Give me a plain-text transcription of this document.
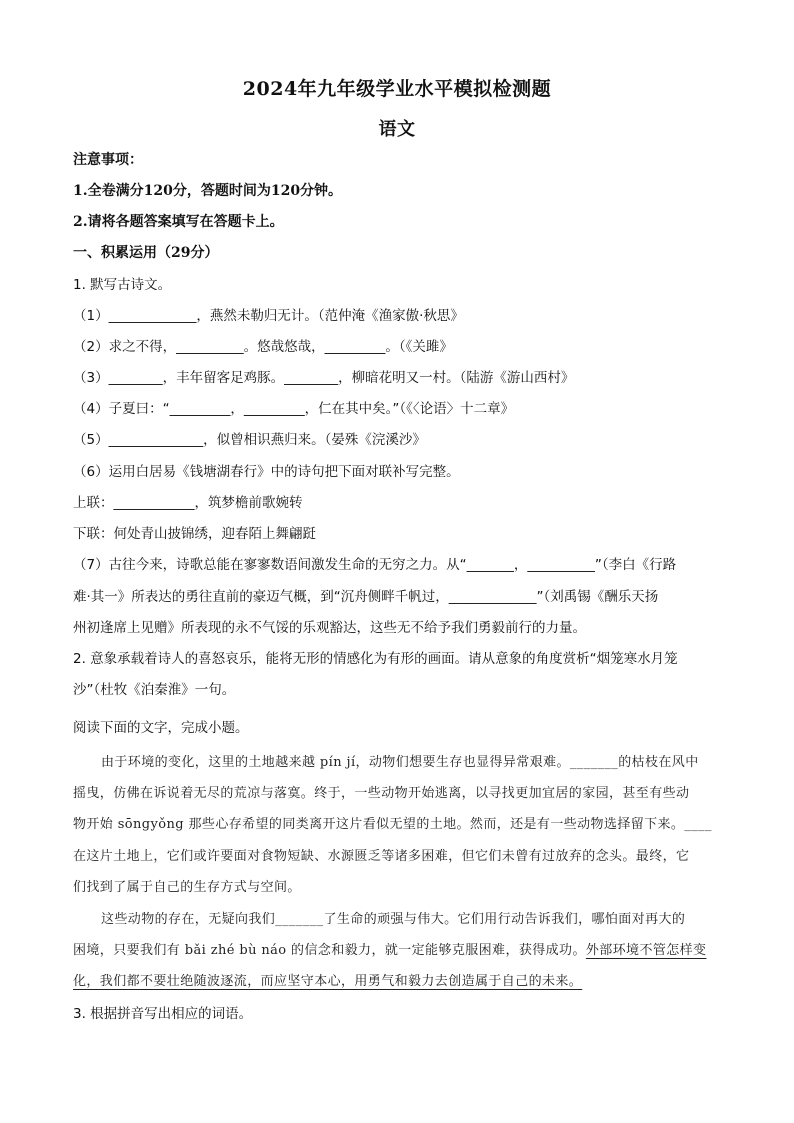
2024年九年级学业水平模拟检测题
语文
注意事项：
1.全卷满分120分，答题时间为120分钟。
2.请将各题答案填写在答题卡上。
一、积累运用（29分）
1. 默写古诗文。
（1）_____________，燕然未勒归无计。（范仲淹《渔家傲·秋思》
（2）求之不得，__________。悠哉悠哉，_________。（《关雎》
（3）________，丰年留客足鸡豚。________，柳暗花明又一村。（陆游《游山西村》
（4）子夏曰：“_________，_________，仁在其中矣。”（《〈论语〉十二章》
（5）______________，似曾相识燕归来。（晏殊《浣溪沙》
（6）运用白居易《钱塘湖春行》中的诗句把下面对联补写完整。
上联：____________，筑梦檐前歌婉转
下联：何处青山披锦绣，迎春陌上舞翩跹
（7）古往今来，诗歌总能在寥寥数语间激发生命的无穷之力。从“_______，__________”（李白《行路
难·其一》所表达的勇往直前的豪迈气概，到“沉舟侧畔千帆过，_____________”（刘禹锡《酬乐天扬
州初逢席上见赠》所表现的永不气馁的乐观豁达，这些无不给予我们勇毅前行的力量。
2. 意象承载着诗人的喜怒哀乐，能将无形的情感化为有形的画面。请从意象的角度赏析“烟笼寒水月笼
沙”（杜牧《泊秦淮》一句。
阅读下面的文字，完成小题。
由于环境的变化，这里的土地越来越 pín jí，动物们想要生存也显得异常艰难。_______的枯枝在风中
摇曳，仿佛在诉说着无尽的荒凉与落寞。终于，一些动物开始逃离，以寻找更加宜居的家园，甚至有些动
物开始 sōngyǒng 那些心存希望的同类离开这片看似无望的土地。然而，还是有一些动物选择留下来。____
在这片土地上，它们或许要面对食物短缺、水源匮乏等诸多困难，但它们未曾有过放弃的念头。最终，它
们找到了属于自己的生存方式与空间。
这些动物的存在，无疑向我们_______了生命的顽强与伟大。它们用行动告诉我们，哪怕面对再大的
困境，只要我们有 bǎi zhé bù náo 的信念和毅力，就一定能够克服困难，获得成功。外部环境不管怎样变
化，我们都不要壮绝随波逐流，而应坚守本心，用勇气和毅力去创造属于自己的未来。
3. 根据拼音写出相应的词语。
